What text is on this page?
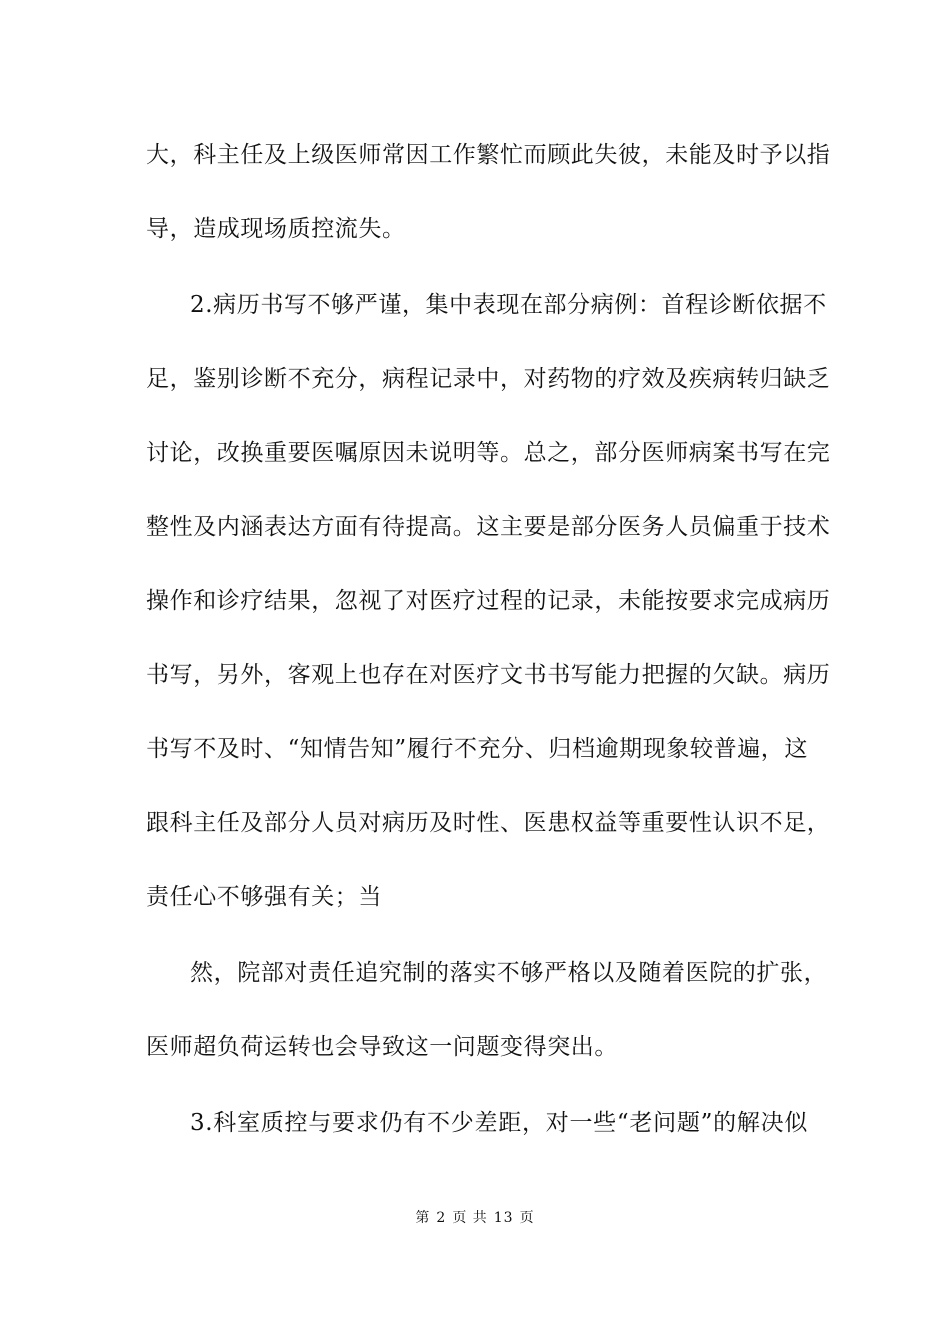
大，科主任及上级医师常因工作繁忙而顾此失彼，未能及时予以指
导，造成现场质控流失。
2.病历书写不够严谨，集中表现在部分病例：首程诊断依据不
足，鉴别诊断不充分，病程记录中，对药物的疗效及疾病转归缺乏
讨论，改换重要医嘱原因未说明等。总之，部分医师病案书写在完
整性及内涵表达方面有待提高。这主要是部分医务人员偏重于技术
操作和诊疗结果，忽视了对医疗过程的记录，未能按要求完成病历
书写，另外，客观上也存在对医疗文书书写能力把握的欠缺。病历
书写不及时、“知情告知”履行不充分、归档逾期现象较普遍，这
跟科主任及部分人员对病历及时性、医患权益等重要性认识不足，
责任心不够强有关；当
然，院部对责任追究制的落实不够严格以及随着医院的扩张，
医师超负荷运转也会导致这一问题变得突出。
3.科室质控与要求仍有不少差距，对一些“老问题”的解决似
第 2 页 共 13 页
